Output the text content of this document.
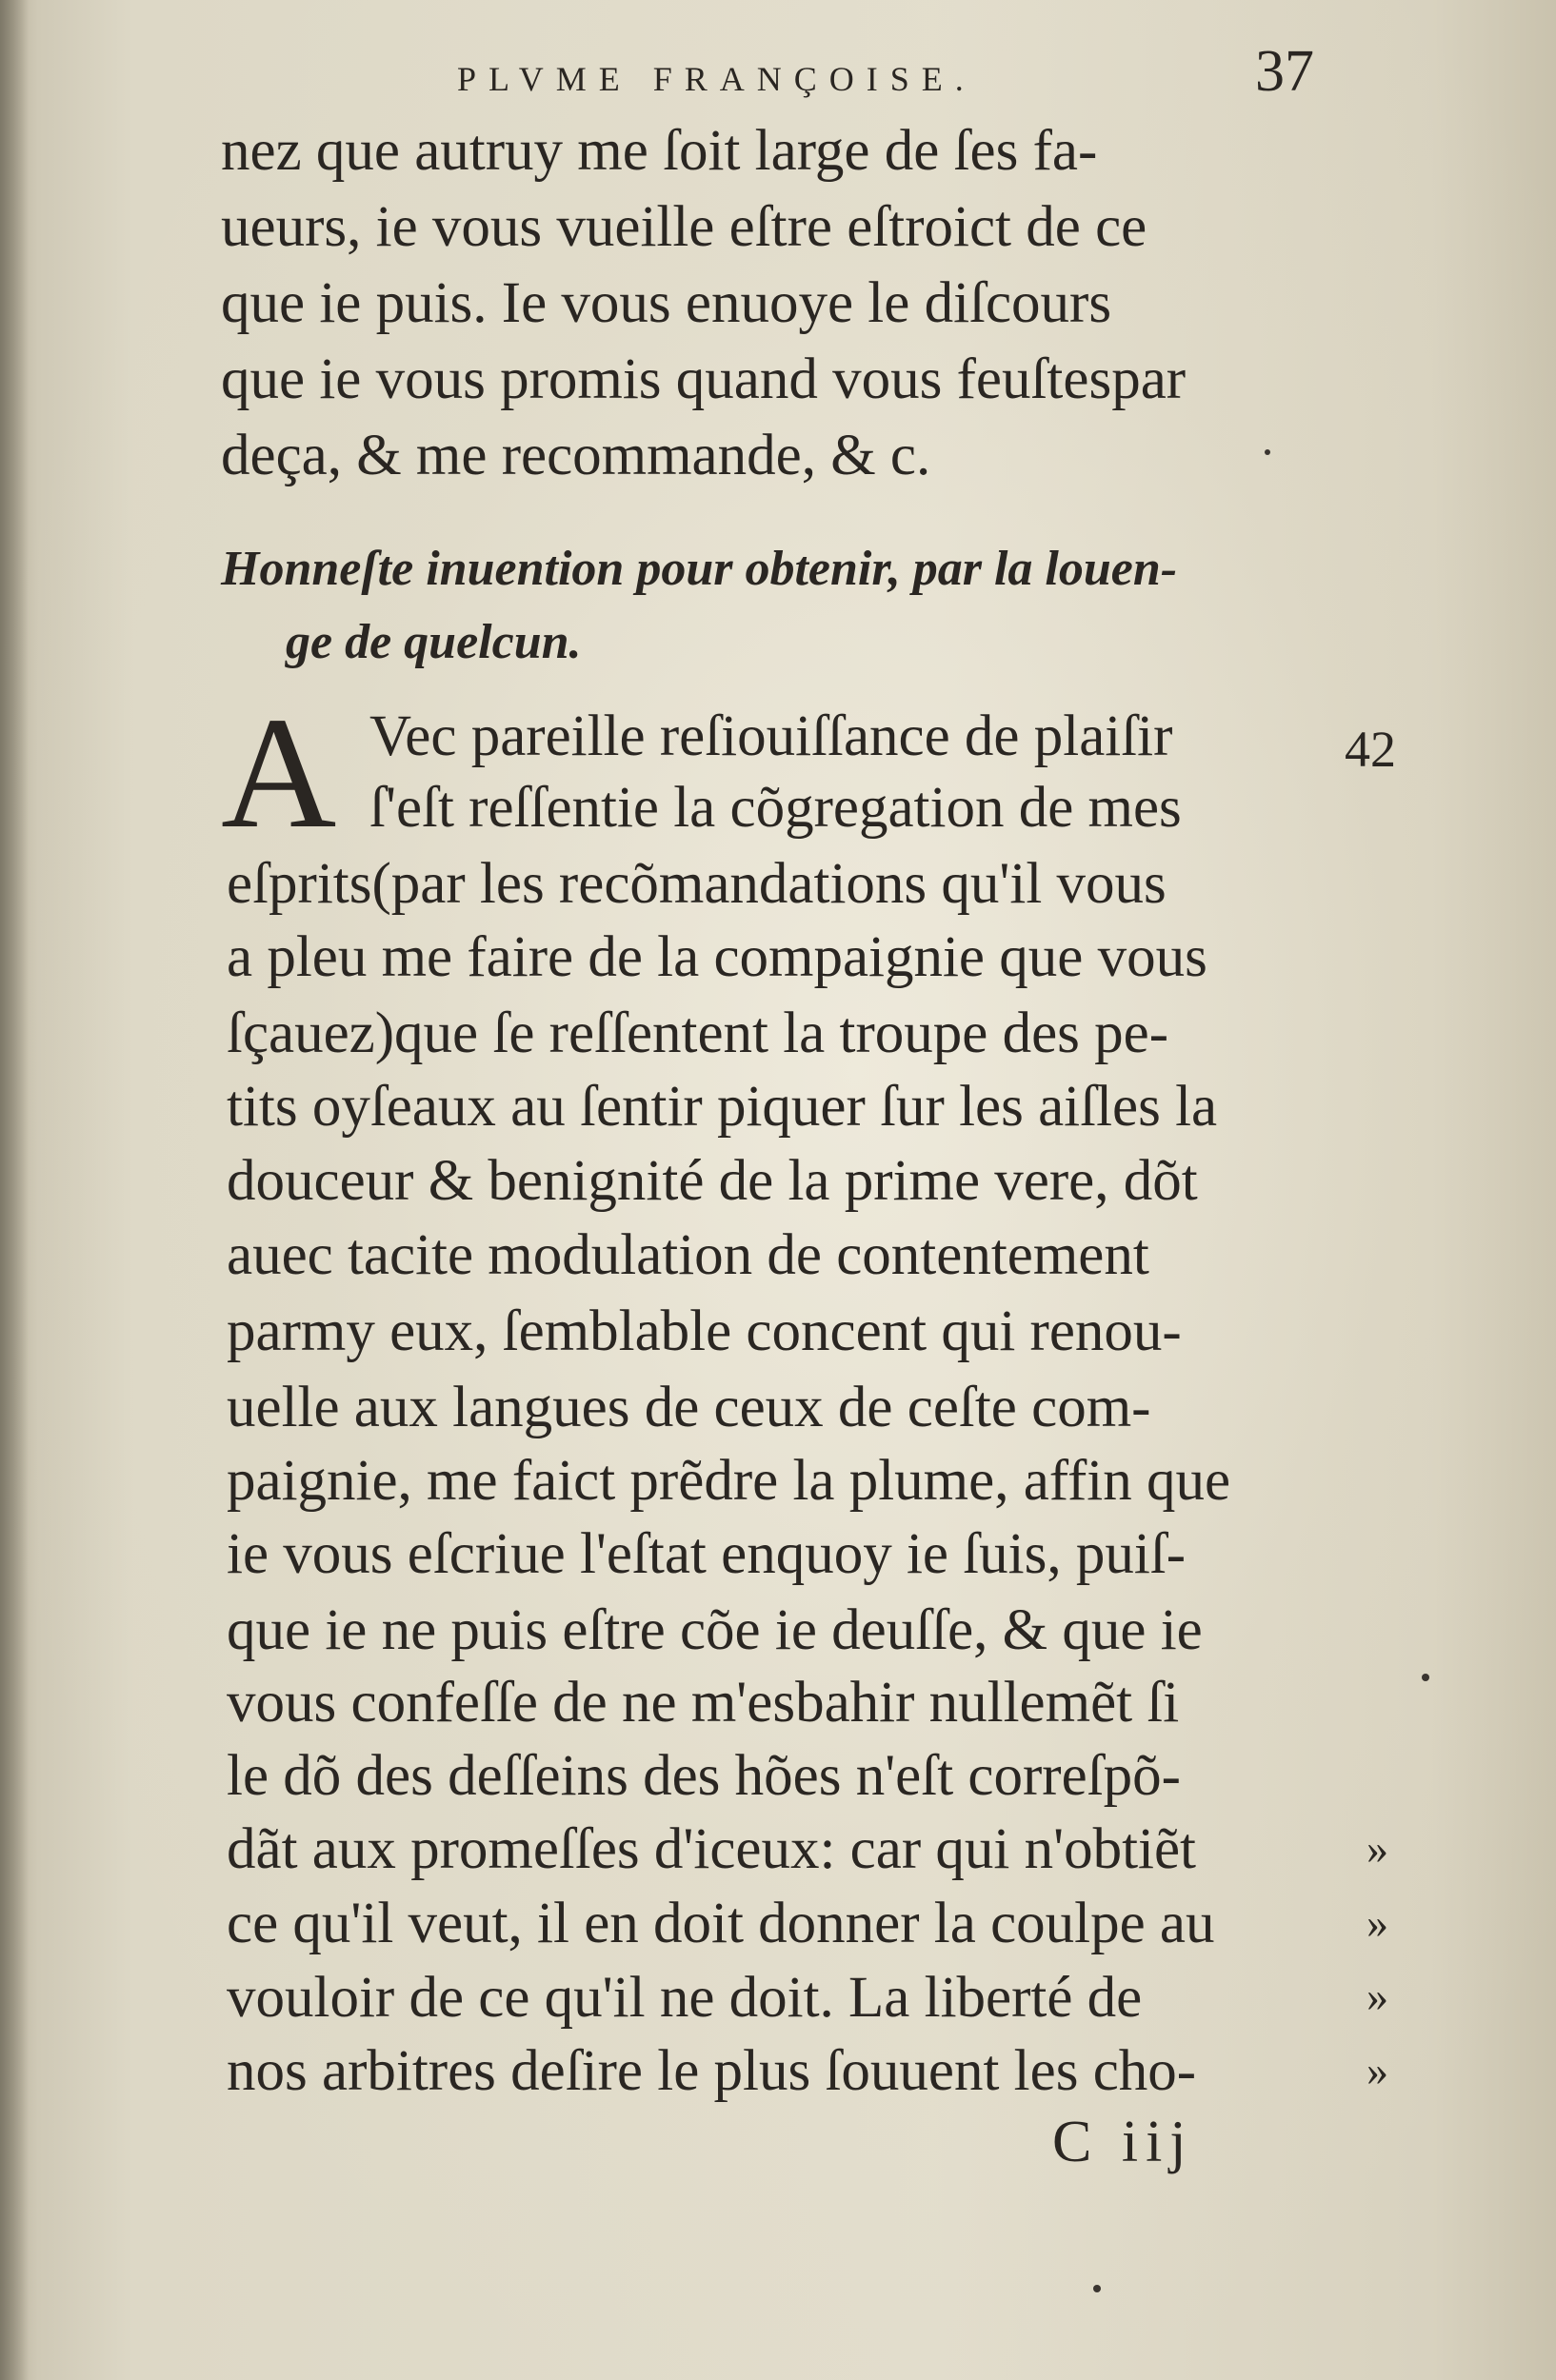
PLVME FRANÇOISE.	37
nez que autruy me ſoit large de ſes fa-
ueurs, ie vous vueille eſtre eſtroict de ce
que ie puis. Ie vous enuoye le diſcours
que ie vous promis quand vous feuſtespar
deça, & me recommande, & c.
Honneſte inuention pour obtenir, par la louen-
ge de quelcun.
A	42
Vec pareille reſiouiſſance de plaiſir
ſ'eſt reſſentie la cõgregation de mes
eſprits(par les recõmandations qu'il vous
a pleu me faire de la compaignie que vous
ſçauez)que ſe reſſentent la troupe des pe-
tits oyſeaux au ſentir piquer ſur les aiſles la
douceur & benignité de la prime vere, dõt
auec tacite modulation de contentement
parmy eux, ſemblable concent qui renou-
uelle aux langues de ceux de ceſte com-
paignie, me faict prẽdre la plume, affin que
ie vous eſcriue l'eſtat enquoy ie ſuis, puiſ-
que ie ne puis eſtre cõe ie deuſſe, & que ie
vous confeſſe de ne m'esbahir nullemẽt ſi
le dõ des deſſeins des hões n'eſt correſpõ-
dãt aux promeſſes d'iceux: car qui n'obtiẽt
ce qu'il veut, il en doit donner la coulpe au
vouloir de ce qu'il ne doit. La liberté de
nos arbitres deſire le plus ſouuent les cho-
»
»
»
»
C iij
